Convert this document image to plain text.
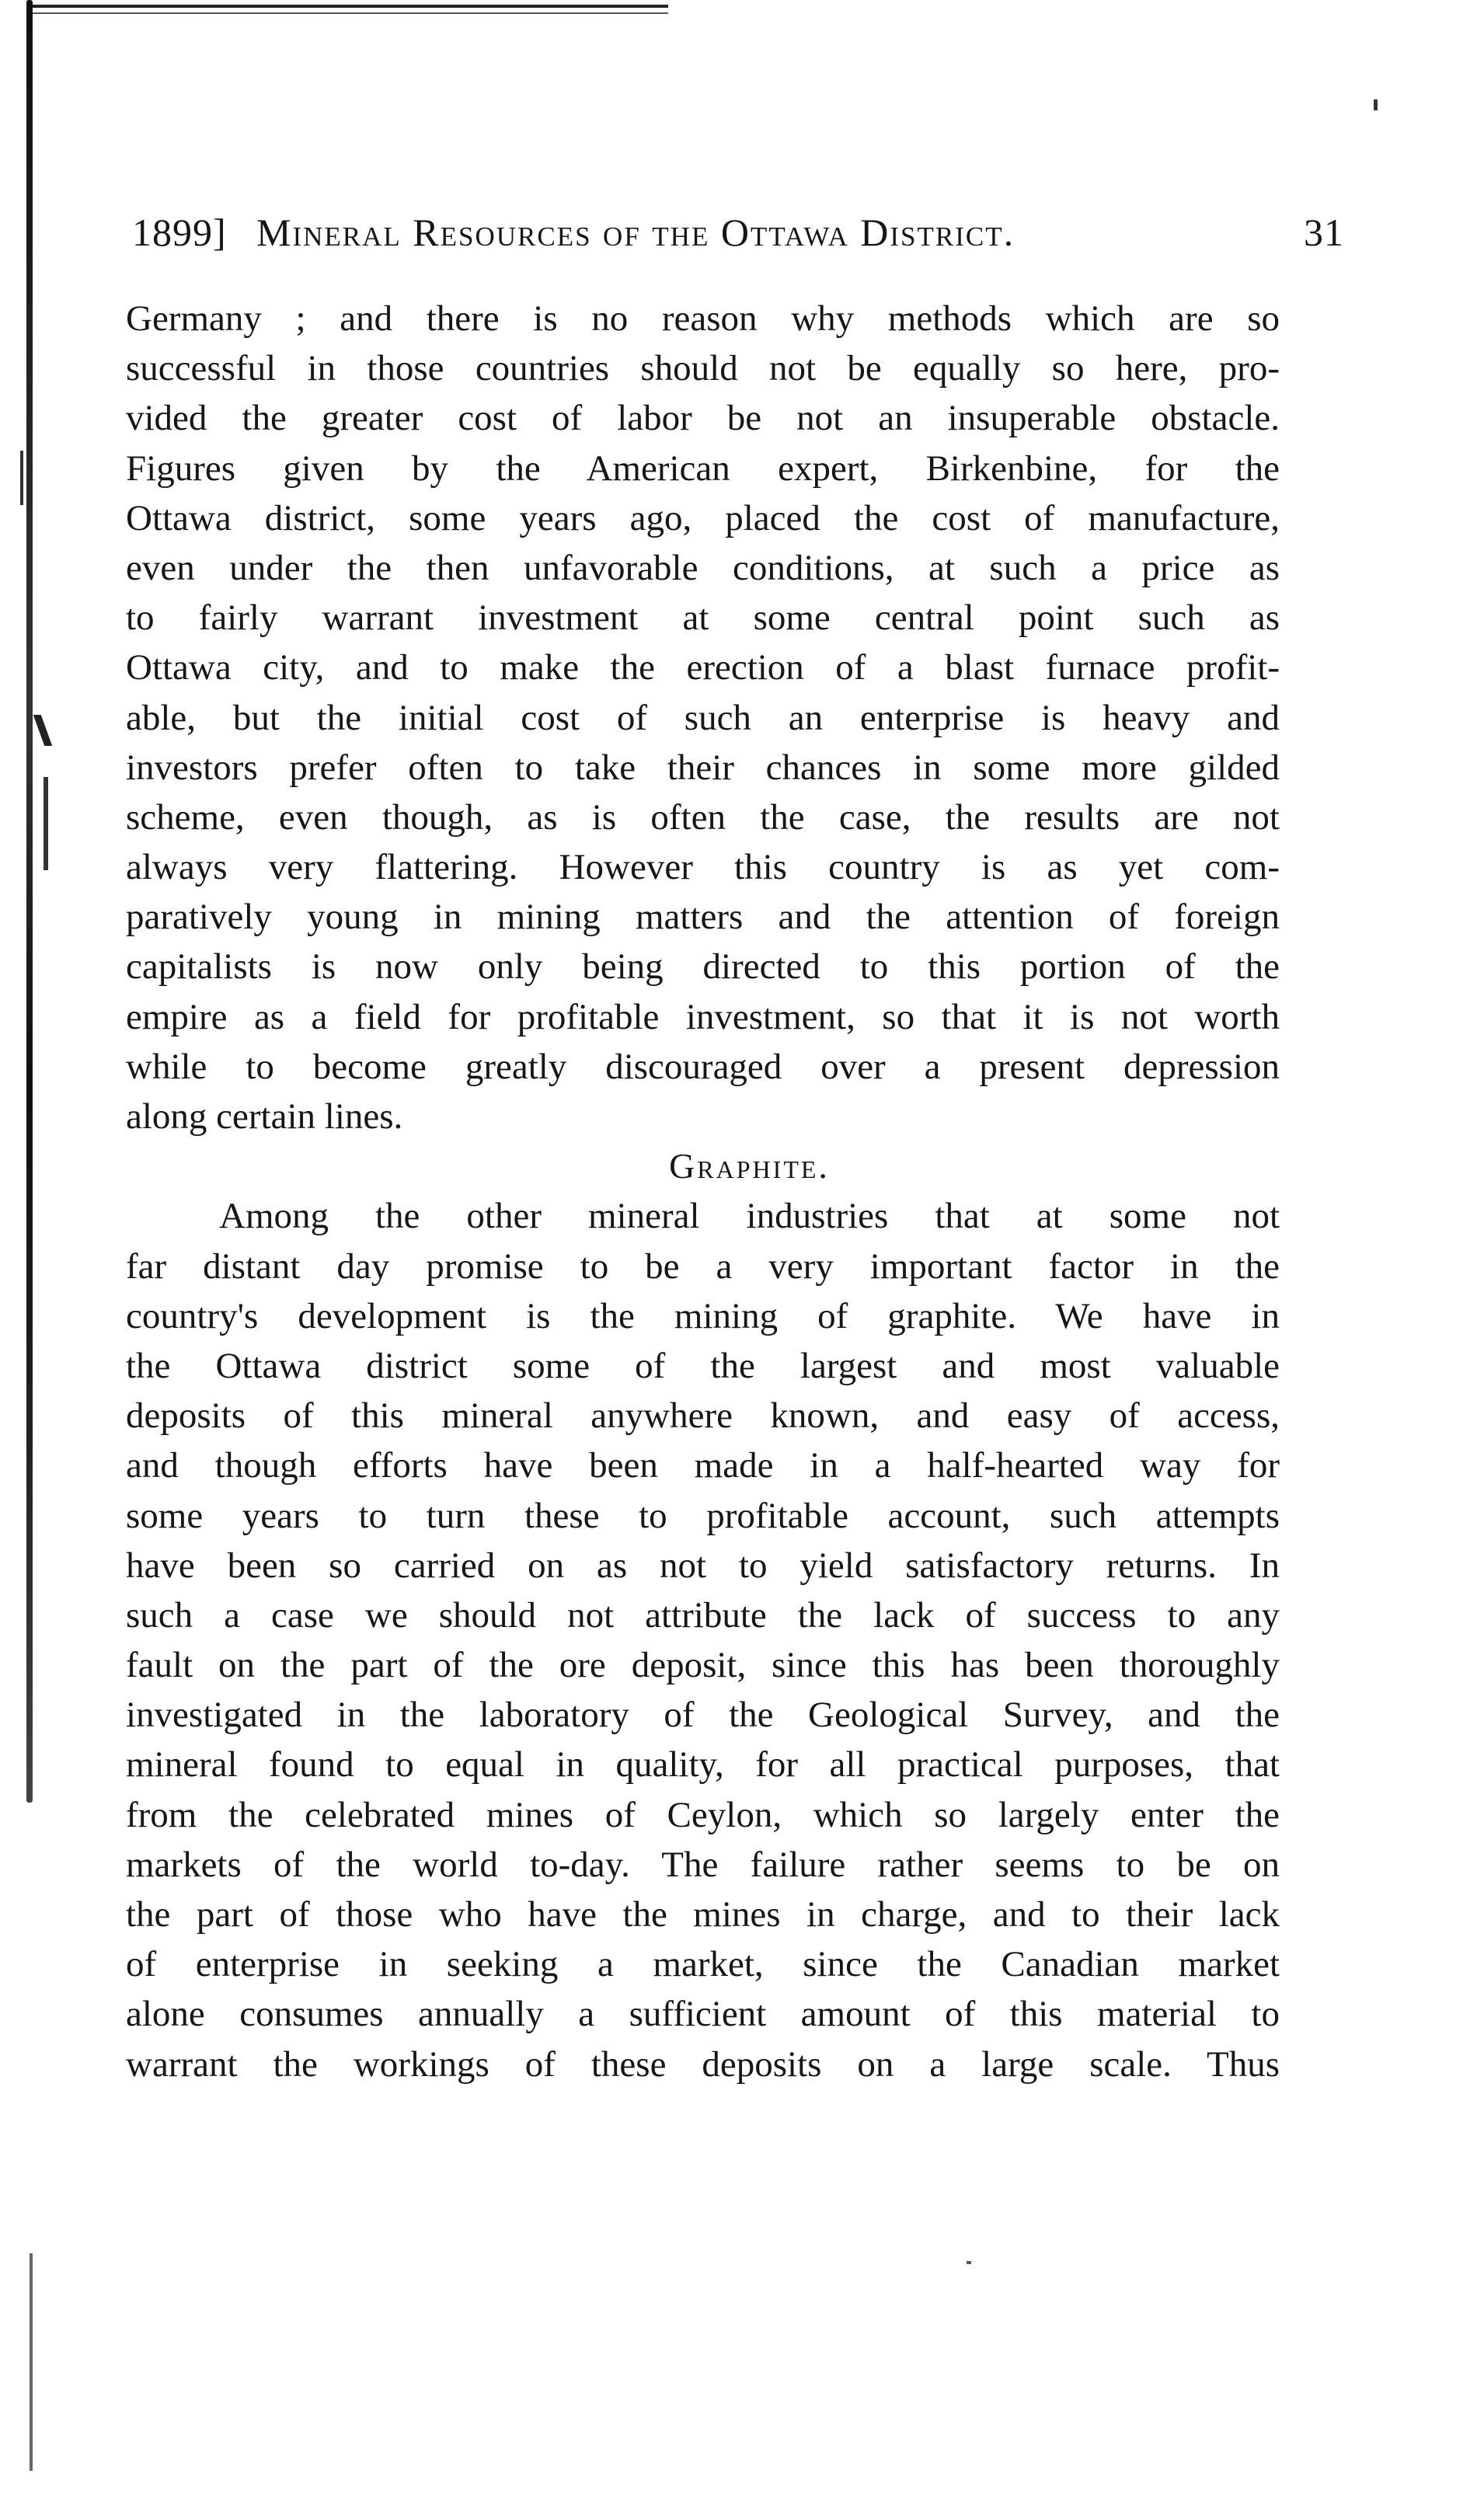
1899] Mineral Resources of the Ottawa District.	31
Germany ; and there is no reason why methods which are so
successful in those countries should not be equally so here, pro-
vided the greater cost of labor be not an insuperable obstacle.
Figures given by the American expert, Birkenbine, for the
Ottawa district, some years ago, placed the cost of manufacture,
even under the then unfavorable conditions, at such a price as
to fairly warrant investment at some central point such as
Ottawa city, and to make the erection of a blast furnace profit-
able, but the initial cost of such an enterprise is heavy and
investors prefer often to take their chances in some more gilded
scheme, even though, as is often the case, the results are not
always very flattering. However this country is as yet com-
paratively young in mining matters and the attention of foreign
capitalists is now only being directed to this portion of the
empire as a field for profitable investment, so that it is not worth
while to become greatly discouraged over a present depression
along certain lines.
Graphite.
Among the other mineral industries that at some not
far distant day promise to be a very important factor in the
country's development is the mining of graphite. We have in
the Ottawa district some of the largest and most valuable
deposits of this mineral anywhere known, and easy of access,
and though efforts have been made in a half-hearted way for
some years to turn these to profitable account, such attempts
have been so carried on as not to yield satisfactory returns. In
such a case we should not attribute the lack of success to any
fault on the part of the ore deposit, since this has been thoroughly
investigated in the laboratory of the Geological Survey, and the
mineral found to equal in quality, for all practical purposes, that
from the celebrated mines of Ceylon, which so largely enter the
markets of the world to-day. The failure rather seems to be on
the part of those who have the mines in charge, and to their lack
of enterprise in seeking a market, since the Canadian market
alone consumes annually a sufficient amount of this material to
warrant the workings of these deposits on a large scale. Thus
